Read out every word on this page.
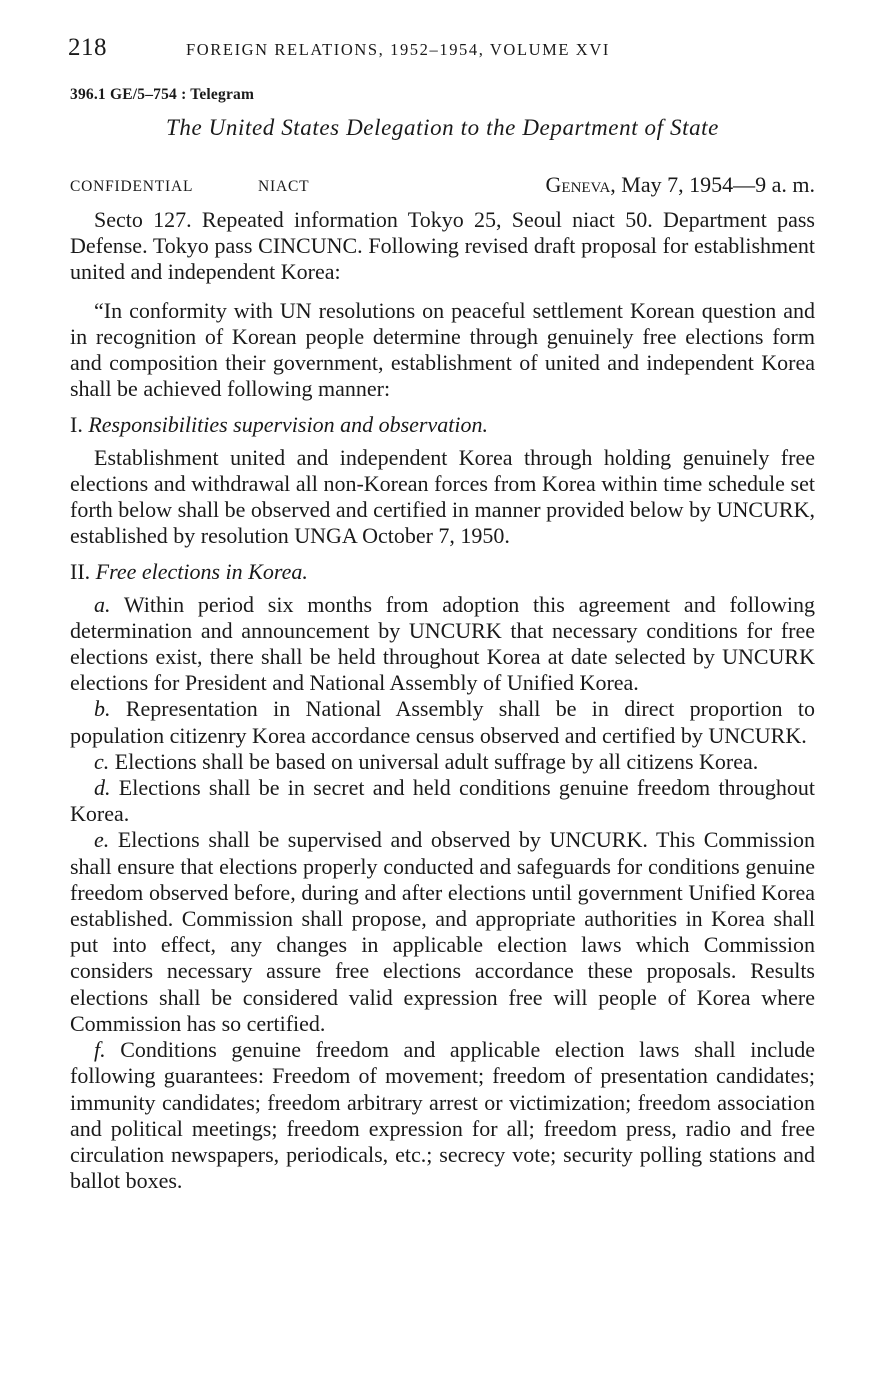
218	FOREIGN RELATIONS, 1952–1954, VOLUME XVI
396.1 GE/5–754 : Telegram
The United States Delegation to the Department of State
CONFIDENTIAL	NIACT	Geneva, May 7, 1954—9 a. m.

Secto 127. Repeated information Tokyo 25, Seoul niact 50. Department pass Defense. Tokyo pass CINCUNC. Following revised draft proposal for establishment united and independent Korea:

“In conformity with UN resolutions on peaceful settlement Korean question and in recognition of Korean people determine through genuinely free elections form and composition their government, establishment of united and independent Korea shall be achieved following manner:

I. Responsibilities supervision and observation.

Establishment united and independent Korea through holding genuinely free elections and withdrawal all non-Korean forces from Korea within time schedule set forth below shall be observed and certified in manner provided below by UNCURK, established by resolution UNGA October 7, 1950.

II. Free elections in Korea.

a. Within period six months from adoption this agreement and following determination and announcement by UNCURK that necessary conditions for free elections exist, there shall be held throughout Korea at date selected by UNCURK elections for President and National Assembly of Unified Korea.

b. Representation in National Assembly shall be in direct proportion to population citizenry Korea accordance census observed and certified by UNCURK.

c. Elections shall be based on universal adult suffrage by all citizens Korea.

d. Elections shall be in secret and held conditions genuine freedom throughout Korea.

e. Elections shall be supervised and observed by UNCURK. This Commission shall ensure that elections properly conducted and safeguards for conditions genuine freedom observed before, during and after elections until government Unified Korea established. Commission shall propose, and appropriate authorities in Korea shall put into effect, any changes in applicable election laws which Commission considers necessary assure free elections accordance these proposals. Results elections shall be considered valid expression free will people of Korea where Commission has so certified.

f. Conditions genuine freedom and applicable election laws shall include following guarantees: Freedom of movement; freedom of presentation candidates; immunity candidates; freedom arbitrary arrest or victimization; freedom association and political meetings; freedom expression for all; freedom press, radio and free circulation newspapers, periodicals, etc.; secrecy vote; security polling stations and ballot boxes.
